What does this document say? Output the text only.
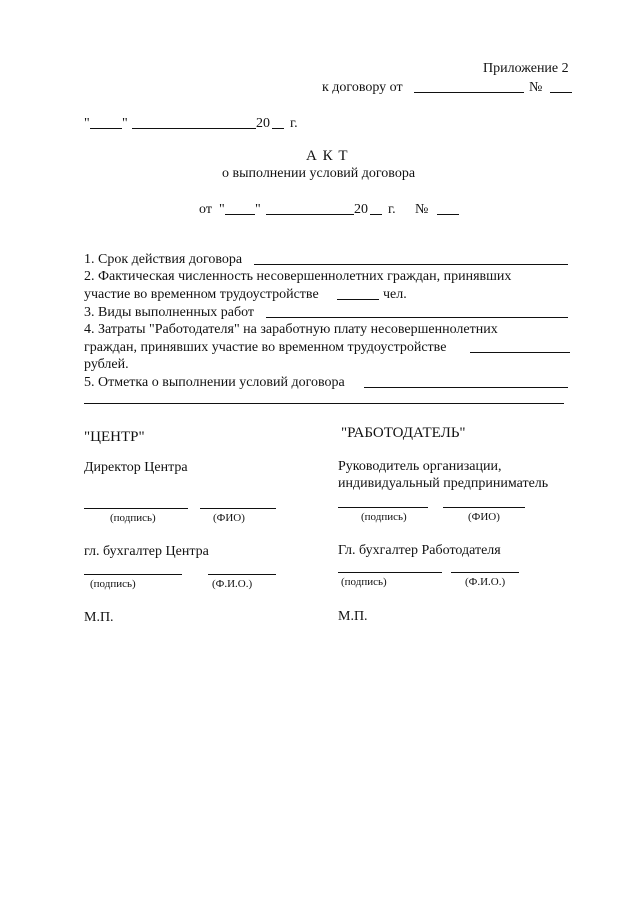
Приложение 2
к договору от	№
" "	20 г.
А К Т
о выполнении условий договора
от " "	20 г. №
1. Срок действия договора
2. Фактическая численность несовершеннолетних граждан, принявших
участие во временном трудоустройстве	чел.
3. Виды выполненных работ
4. Затраты "Работодателя" на заработную плату несовершеннолетних
граждан, принявших участие во временном трудоустройстве
рублей.
5. Отметка о выполнении условий договора
"ЦЕНТР"
Директор Центра
(подпись)	(ФИО)
гл. бухгалтер Центра
(подпись)	(Ф.И.О.)
М.П.
"РАБОТОДАТЕЛЬ"
Руководитель организации,
индивидуальный предприниматель
(подпись)	(ФИО)
Гл. бухгалтер Работодателя
(подпись)	(Ф.И.О.)
М.П.
